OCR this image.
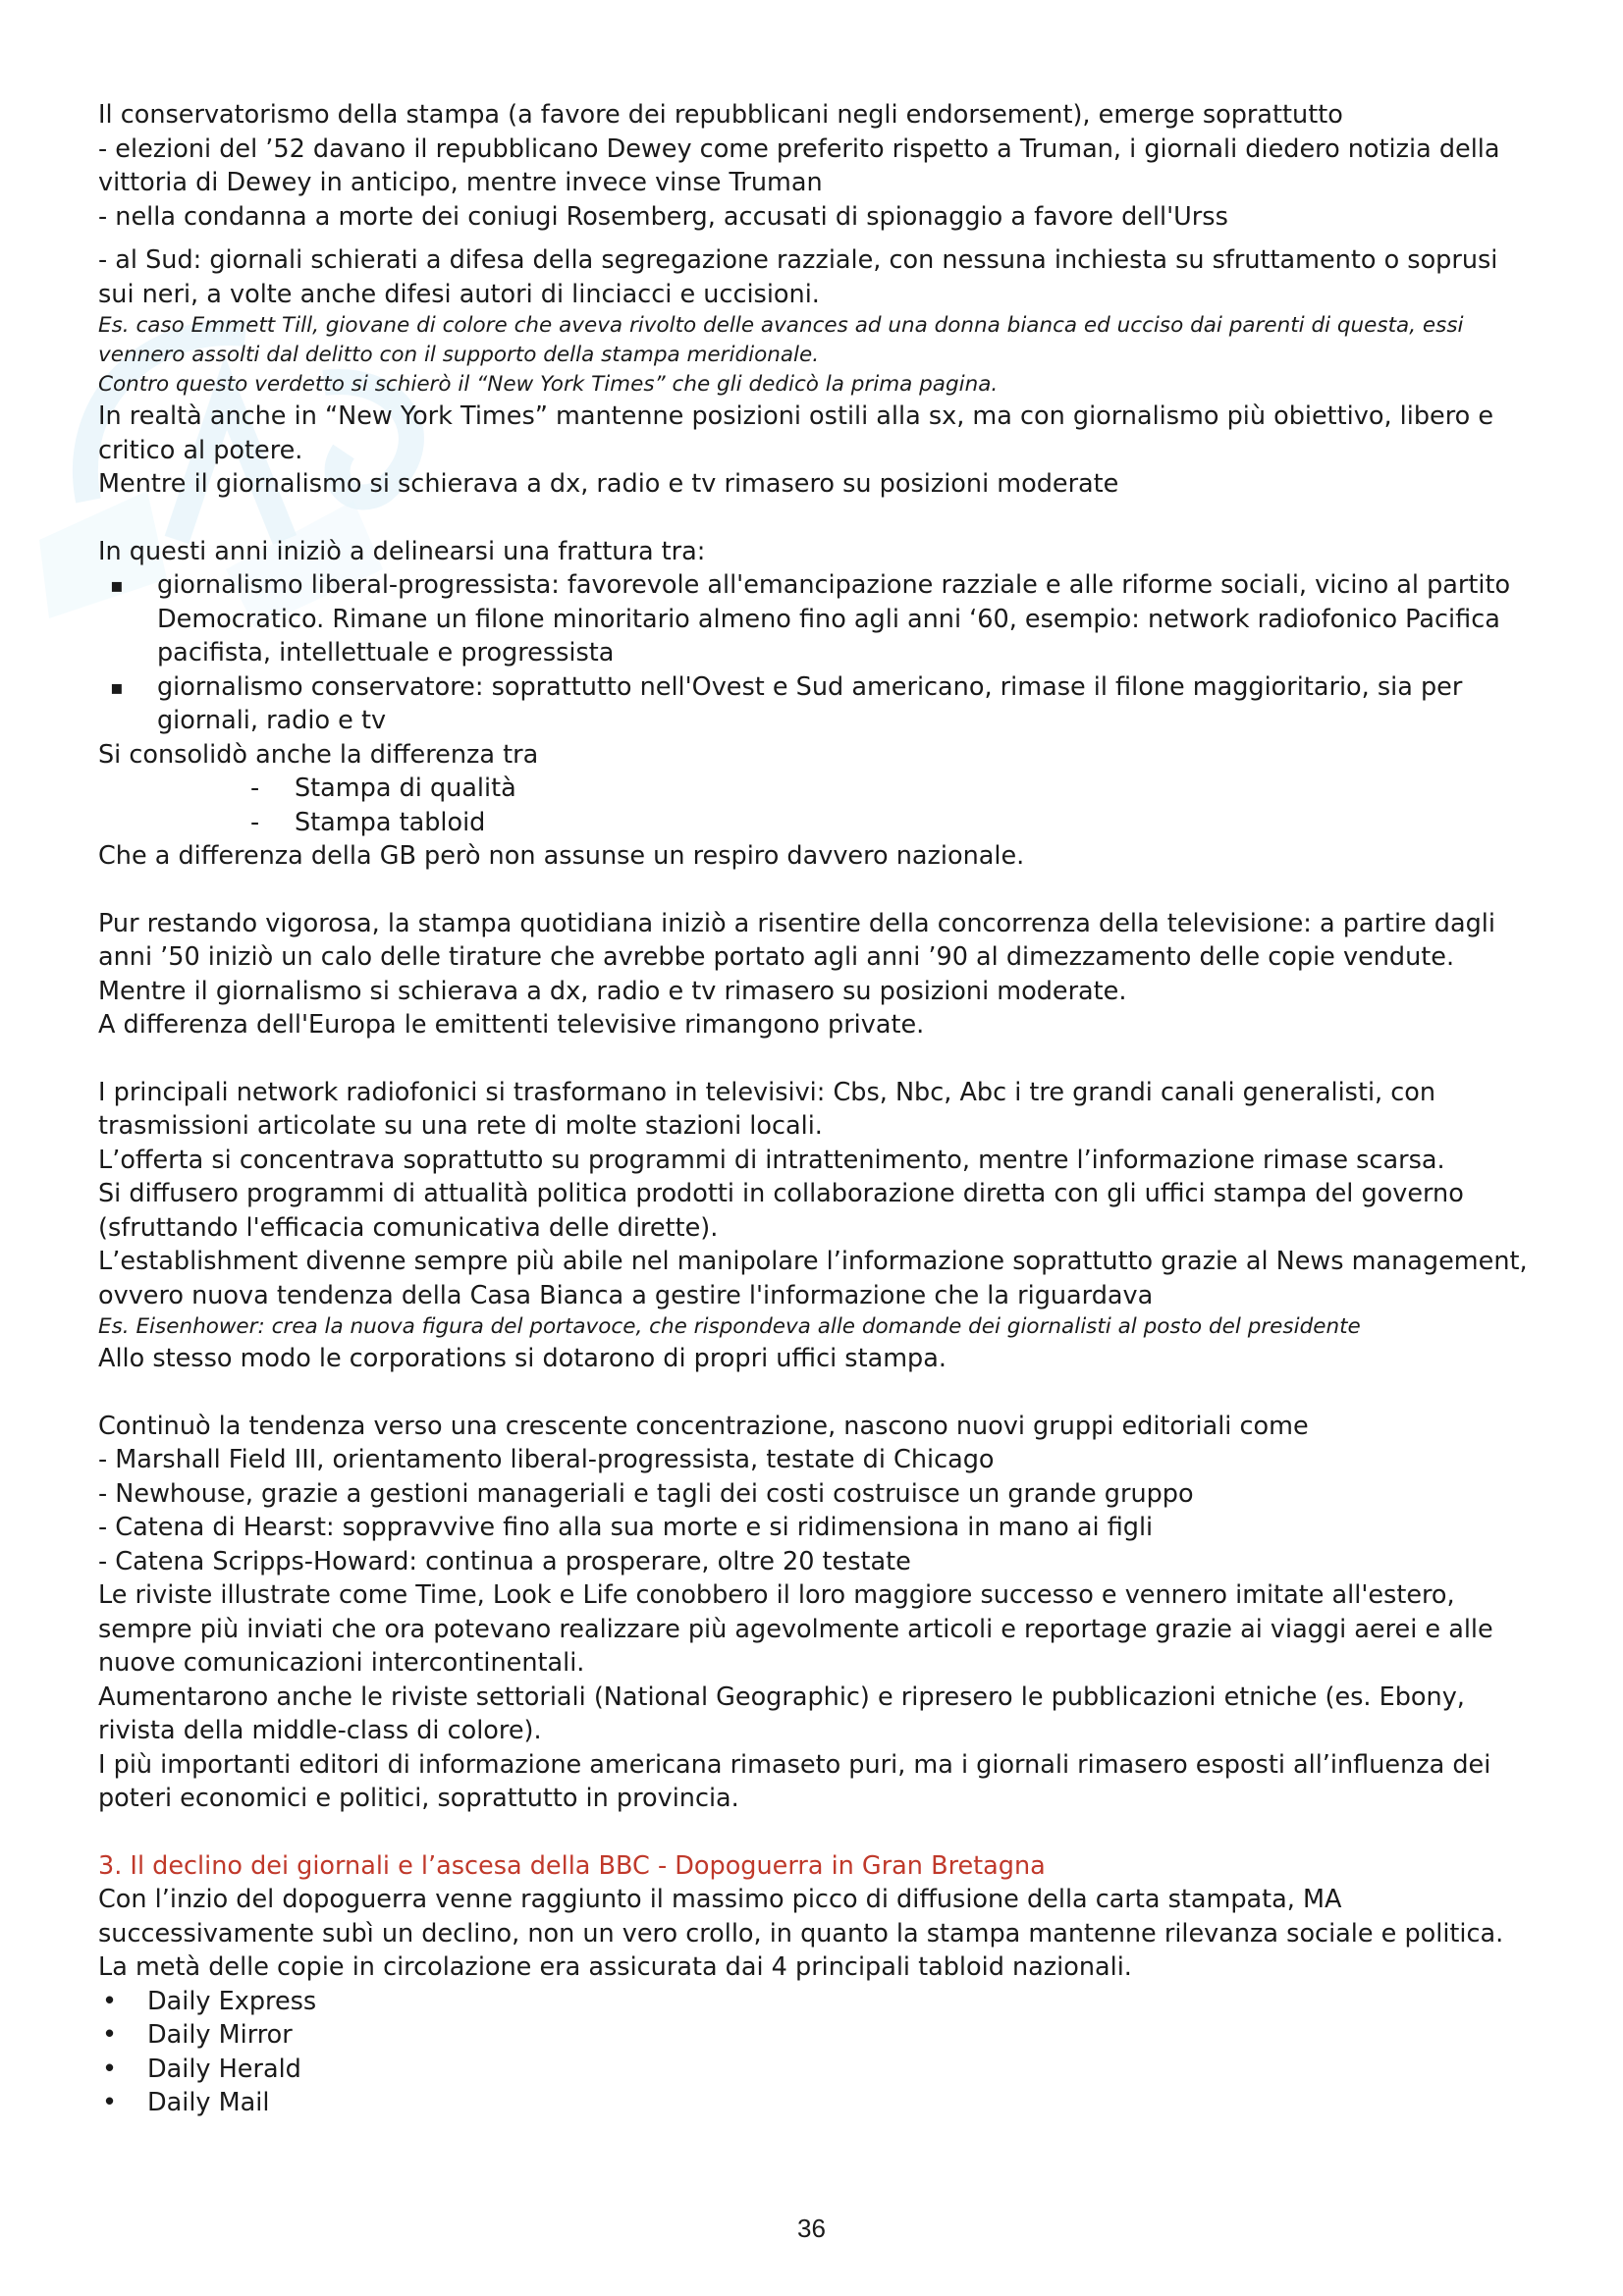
Il conservatorismo della stampa (a favore dei repubblicani negli endorsement), emerge soprattutto

- elezioni del ’52 davano il repubblicano Dewey come preferito rispetto a Truman, i giornali diedero notizia della vittoria di Dewey in anticipo, mentre invece vinse Truman

- nella condanna a morte dei coniugi Rosemberg, accusati di spionaggio a favore dell'Urss

- al Sud: giornali schierati a difesa della segregazione razziale, con nessuna inchiesta su sfruttamento o soprusi sui neri, a volte anche difesi autori di linciacci e uccisioni.

Es. caso Emmett Till, giovane di colore che aveva rivolto delle avances ad una donna bianca ed ucciso dai parenti di questa, essi vennero assolti dal delitto con il supporto della stampa meridionale.

Contro questo verdetto si schierò il “New York Times” che gli dedicò la prima pagina.

In realtà anche in “New York Times” mantenne posizioni ostili alla sx, ma con giornalismo più obiettivo, libero e critico al potere.

Mentre il giornalismo si schierava a dx, radio e tv rimasero su posizioni moderate

In questi anni iniziò a delinearsi una frattura tra:

▪ giornalismo liberal-progressista: favorevole all'emancipazione razziale e alle riforme sociali, vicino al partito Democratico. Rimane un filone minoritario almeno fino agli anni ‘60, esempio: network radiofonico Pacifica pacifista, intellettuale e progressista
▪ giornalismo conservatore: soprattutto nell'Ovest e Sud americano, rimase il filone maggioritario, sia per giornali, radio e tv

Si consolidò anche la differenza tra

- Stampa di qualità
- Stampa tabloid

Che a differenza della GB però non assunse un respiro davvero nazionale.

Pur restando vigorosa, la stampa quotidiana iniziò a risentire della concorrenza della televisione: a partire dagli anni ’50 iniziò un calo delle tirature che avrebbe portato agli anni ’90 al dimezzamento delle copie vendute.

Mentre il giornalismo si schierava a dx, radio e tv rimasero su posizioni moderate.

A differenza dell'Europa le emittenti televisive rimangono private.

I principali network radiofonici si trasformano in televisivi: Cbs, Nbc, Abc i tre grandi canali generalisti, con trasmissioni articolate su una rete di molte stazioni locali.

L’offerta si concentrava soprattutto su programmi di intrattenimento, mentre l’informazione rimase scarsa.

Si diffusero programmi di attualità politica prodotti in collaborazione diretta con gli uffici stampa del governo (sfruttando l'efficacia comunicativa delle dirette).

L’establishment divenne sempre più abile nel manipolare l’informazione soprattutto grazie al News management, ovvero nuova tendenza della Casa Bianca a gestire l'informazione che la riguardava

Es. Eisenhower: crea la nuova figura del portavoce, che rispondeva alle domande dei giornalisti al posto del presidente

Allo stesso modo le corporations si dotarono di propri uffici stampa.

Continuò la tendenza verso una crescente concentrazione, nascono nuovi gruppi editoriali come

- Marshall Field III, orientamento liberal-progressista, testate di Chicago

- Newhouse, grazie a gestioni manageriali e tagli dei costi costruisce un grande gruppo

- Catena di Hearst: soppravvive fino alla sua morte e si ridimensiona in mano ai figli

- Catena Scripps-Howard: continua a prosperare, oltre 20 testate

Le riviste illustrate come Time, Look e Life conobbero il loro maggiore successo e vennero imitate all'estero, sempre più inviati che ora potevano realizzare più agevolmente articoli e reportage grazie ai viaggi aerei e alle nuove comunicazioni intercontinentali.

Aumentarono anche le riviste settoriali (National Geographic) e ripresero le pubblicazioni etniche (es. Ebony, rivista della middle-class di colore).

I più importanti editori di informazione americana rimaseto puri, ma i giornali rimasero esposti all’influenza dei poteri economici e politici, soprattutto in provincia.

3. Il declino dei giornali e l’ascesa della BBC - Dopoguerra in Gran Bretagna

Con l’inzio del dopoguerra venne raggiunto il massimo picco di diffusione della carta stampata, MA successivamente subì un declino, non un vero crollo, in quanto la stampa mantenne rilevanza sociale e politica.

La metà delle copie in circolazione era assicurata dai 4 principali tabloid nazionali.

• Daily Express
• Daily Mirror
• Daily Herald
• Daily Mail
36
